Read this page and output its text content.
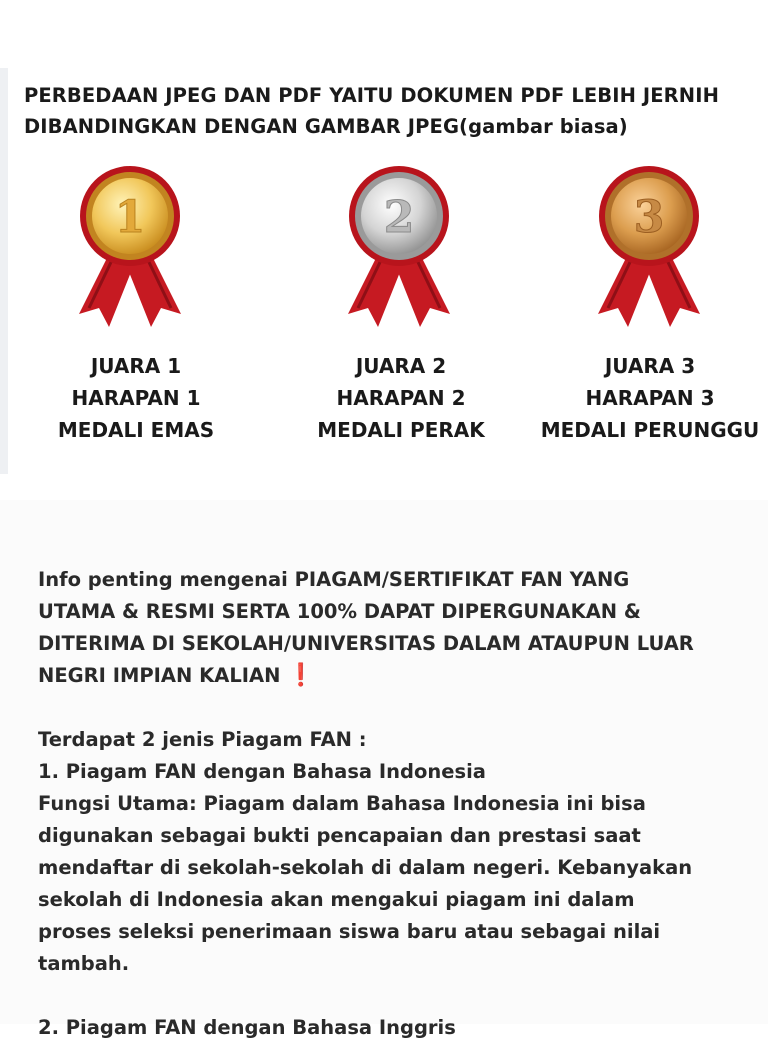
PERBEDAAN JPEG DAN PDF YAITU DOKUMEN PDF LEBIH JERNIH
DIBANDINGKAN DENGAN GAMBAR JPEG(gambar biasa)
1
JUARA 1
HARAPAN 1
MEDALI EMAS
2
JUARA 2
HARAPAN 2
MEDALI PERAK
3
JUARA 3
HARAPAN 3
MEDALI PERUNGGU

Info penting mengenai PIAGAM/SERTIFIKAT FAN YANG

UTAMA & RESMI SERTA 100% DAPAT DIPERGUNAKAN &

DITERIMA DI SEKOLAH/UNIVERSITAS DALAM ATAUPUN LUAR

NEGRI IMPIAN KALIAN ❗

Terdapat 2 jenis Piagam FAN :

1. Piagam FAN dengan Bahasa Indonesia

Fungsi Utama: Piagam dalam Bahasa Indonesia ini bisa

digunakan sebagai bukti pencapaian dan prestasi saat

mendaftar di sekolah-sekolah di dalam negeri. Kebanyakan

sekolah di Indonesia akan mengakui piagam ini dalam

proses seleksi penerimaan siswa baru atau sebagai nilai

tambah.

2. Piagam FAN dengan Bahasa Inggris
